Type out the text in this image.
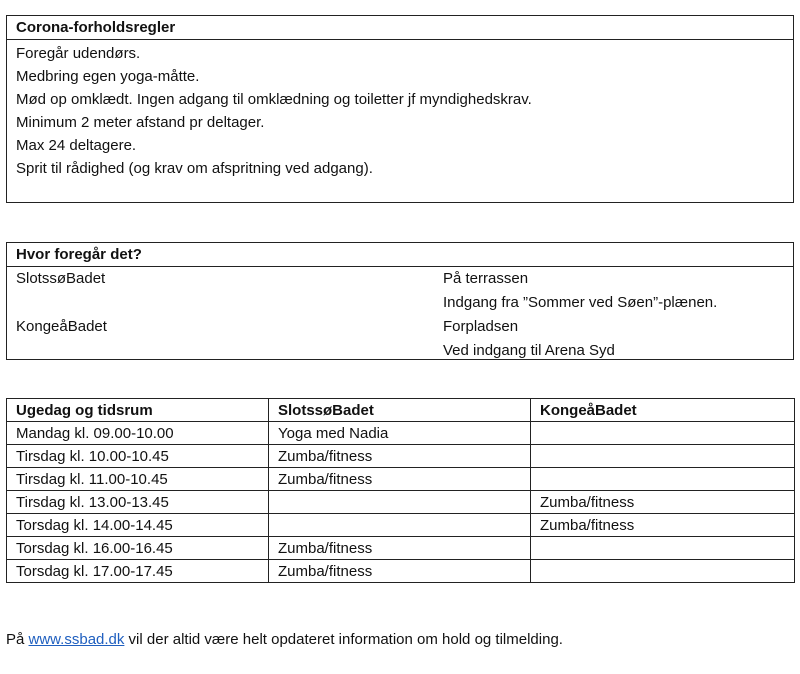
Corona-forholdsregler
Foregår udendørs.
Medbring egen yoga-måtte.
Mød op omklædt. Ingen adgang til omklædning og toiletter jf myndighedskrav.
Minimum 2 meter afstand pr deltager.
Max 24 deltagere.
Sprit til rådighed (og krav om afspritning ved adgang).
Hvor foregår det?
SlotssøBadet	På terrassen
Indgang fra ”Sommer ved Søen”-plænen.
KongeåBadet	Forpladsen
Ved indgang til Arena Syd
Ugedag og tidsrum	SlotssøBadet	KongeåBadet
Mandag kl. 09.00-10.00	Yoga med Nadia	
Tirsdag kl. 10.00-10.45	Zumba/fitness	
Tirsdag kl. 11.00-10.45	Zumba/fitness	
Tirsdag kl. 13.00-13.45		Zumba/fitness
Torsdag kl. 14.00-14.45		Zumba/fitness
Torsdag kl. 16.00-16.45	Zumba/fitness	
Torsdag kl. 17.00-17.45	Zumba/fitness	
På www.ssbad.dk vil der altid være helt opdateret information om hold og tilmelding.
